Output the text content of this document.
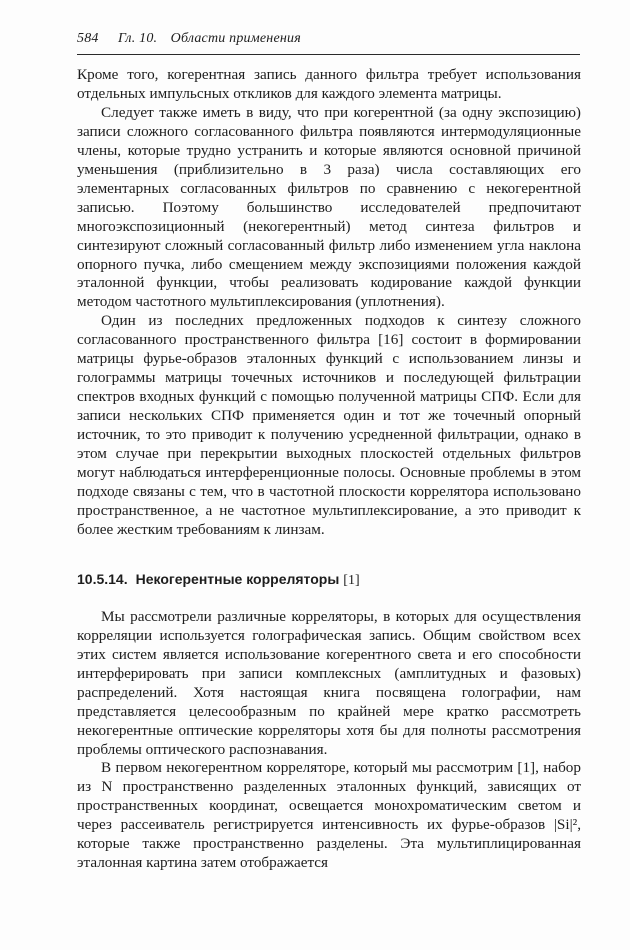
584 Гл. 10. Области применения

Кроме того, когерентная запись данного фильтра требует использования отдельных импульсных откликов для каждого элемента матрицы.

Следует также иметь в виду, что при когерентной (за одну экспозицию) записи сложного согласованного фильтра появляются интермодуляционные члены, которые трудно устранить и которые являются основной причиной уменьшения (приблизительно в 3 раза) числа составляющих его элементарных согласованных фильтров по сравнению с некогерентной записью. Поэтому большинство исследователей предпочитают многоэкспозиционный (некогерентный) метод синтеза фильтров и синтезируют сложный согласованный фильтр либо изменением угла наклона опорного пучка, либо смещением между экспозициями положения каждой эталонной функции, чтобы реализовать кодирование каждой функции методом частотного мультиплексирования (уплотнения).

Один из последних предложенных подходов к синтезу сложного согласованного пространственного фильтра [16] состоит в формировании матрицы фурье-образов эталонных функций с использованием линзы и голограммы матрицы точечных источников и последующей фильтрации спектров входных функций с помощью полученной матрицы СПФ. Если для записи нескольких СПФ применяется один и тот же точечный опорный источник, то это приводит к получению усредненной фильтрации, однако в этом случае при перекрытии выходных плоскостей отдельных фильтров могут наблюдаться интерференционные полосы. Основные проблемы в этом подходе связаны с тем, что в частотной плоскости коррелятора использовано пространственное, а не частотное мультиплексирование, а это приводит к более жестким требованиям к линзам.

10.5.14. Некогерентные корреляторы [1]

Мы рассмотрели различные корреляторы, в которых для осуществления корреляции используется голографическая запись. Общим свойством всех этих систем является использование когерентного света и его способности интерферировать при записи комплексных (амплитудных и фазовых) распределений. Хотя настоящая книга посвящена голографии, нам представляется целесообразным по крайней мере кратко рассмотреть некогерентные оптические корреляторы хотя бы для полноты рассмотрения проблемы оптического распознавания.

В первом некогерентном корреляторе, который мы рассмотрим [1], набор из N пространственно разделенных эталонных функций, зависящих от пространственных координат, освещается монохроматическим светом и через рассеиватель регистрируется интенсивность их фурье-образов |Si|², которые также пространственно разделены. Эта мультиплицированная эталонная картина затем отображается
